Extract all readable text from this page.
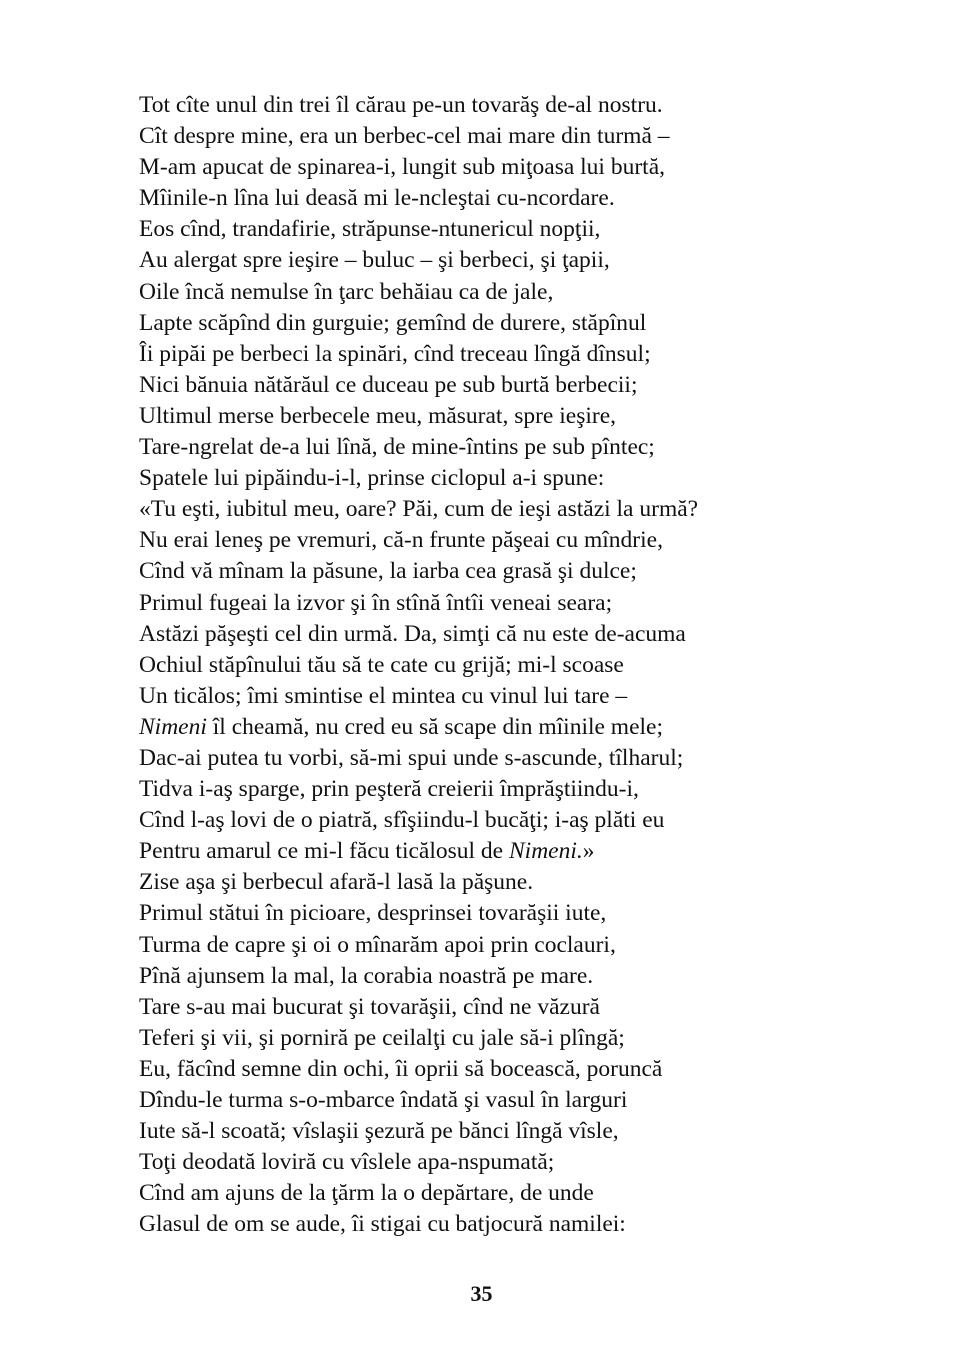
Tot cîte unul din trei îl cărau pe-un tovarăş de-al nostru.
Cît despre mine, era un berbec-cel mai mare din turmă –
M-am apucat de spinarea-i, lungit sub miţoasa lui burtă,
Mîinile-n lîna lui deasă mi le-ncleştai cu-ncordare.
Eos cînd, trandafirie, străpunse-ntunericul nopţii,
Au alergat spre ieşire – buluc – şi berbeci, şi ţapii,
Oile încă nemulse în ţarc behăiau ca de jale,
Lapte scăpînd din gurguie; gemînd de durere, stăpînul
Îi pipăi pe berbeci la spinări, cînd treceau lîngă dînsul;
Nici bănuia nătărăul ce duceau pe sub burtă berbecii;
Ultimul merse berbecele meu, măsurat, spre ieşire,
Tare-ngrelat de-a lui lînă, de mine-întins pe sub pîntec;
Spatele lui pipăindu-i-l, prinse ciclopul a-i spune:
«Tu eşti, iubitul meu, oare? Păi, cum de ieşi astăzi la urmă?
Nu erai leneş pe vremuri, că-n frunte păşeai cu mîndrie,
Cînd vă mînam la păsune, la iarba cea grasă şi dulce;
Primul fugeai la izvor şi în stînă întîi veneai seara;
Astăzi păşeşti cel din urmă. Da, simţi că nu este de-acuma
Ochiul stăpînului tău să te cate cu grijă; mi-l scoase
Un ticălos; îmi smintise el mintea cu vinul lui tare –
Nimeni îl cheamă, nu cred eu să scape din mîinile mele;
Dac-ai putea tu vorbi, să-mi spui unde s-ascunde, tîlharul;
Tidva i-aş sparge, prin peşteră creierii împrăştiindu-i,
Cînd l-aş lovi de o piatră, sfîşiindu-l bucăţi; i-aş plăti eu
Pentru amarul ce mi-l făcu ticălosul de Nimeni.»
Zise aşa şi berbecul afară-l lasă la păşune.
Primul stătui în picioare, desprinsei tovarăşii iute,
Turma de capre şi oi o mînarăm apoi prin coclauri,
Pînă ajunsem la mal, la corabia noastră pe mare.
Tare s-au mai bucurat şi tovarăşii, cînd ne văzură
Teferi şi vii, şi porniră pe ceilalţi cu jale să-i plîngă;
Eu, făcînd semne din ochi, îi oprii să bocească, poruncă
Dîndu-le turma s-o-mbarce îndată şi vasul în larguri
Iute să-l scoată; vîslaşii şezură pe bănci lîngă vîsle,
Toţi deodată loviră cu vîslele apa-nspumată;
Cînd am ajuns de la ţărm la o depărtare, de unde
Glasul de om se aude, îi stigai cu batjocură namilei:
35
